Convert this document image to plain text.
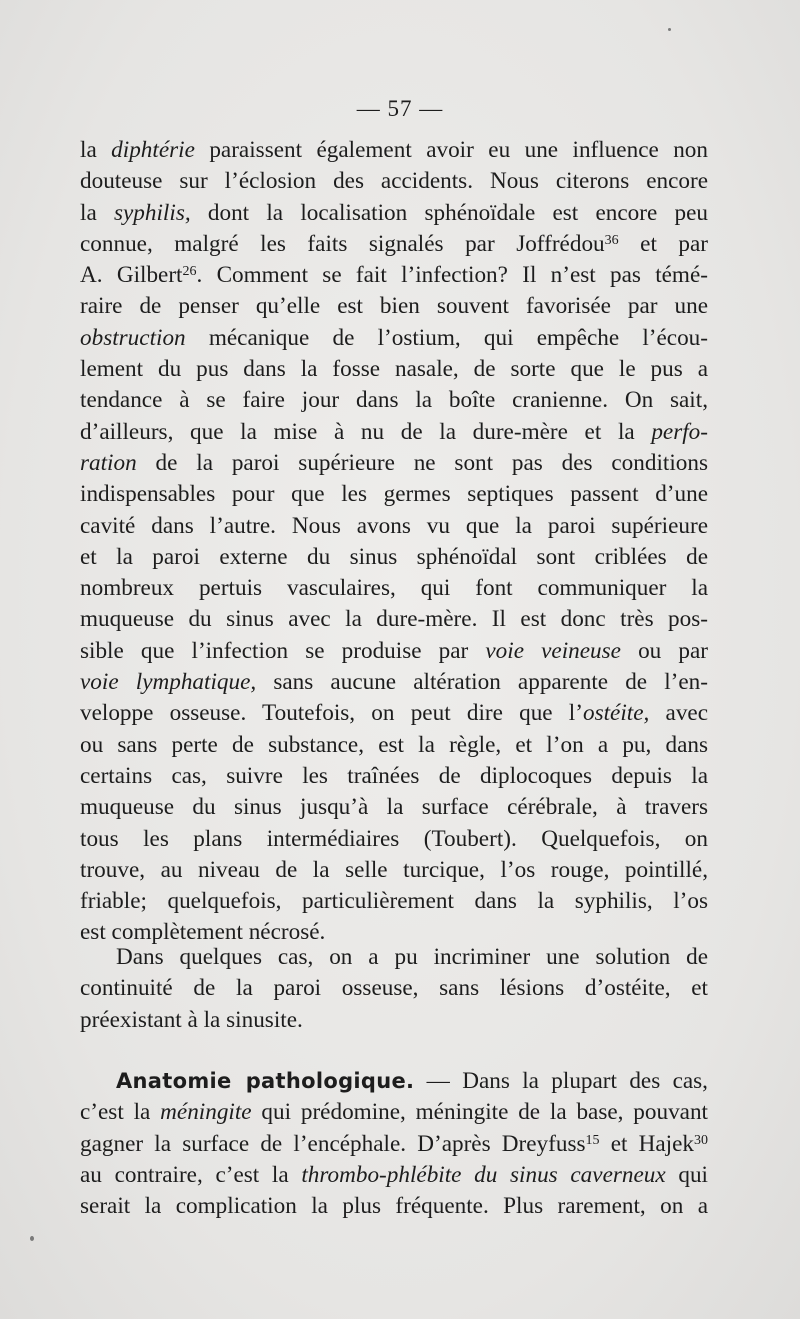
— 57 —
la diphtérie paraissent également avoir eu une influence non
douteuse sur l’éclosion des accidents. Nous citerons encore
la syphilis, dont la localisation sphénoïdale est encore peu
connue, malgré les faits signalés par Joffrédou$^{36}$ et par
A. Gilbert$^{26}$. Comment se fait l’infection? Il n’est pas témé-
raire de penser qu’elle est bien souvent favorisée par une
obstruction mécanique de l’ostium, qui empêche l’écou-
lement du pus dans la fosse nasale, de sorte que le pus a
tendance à se faire jour dans la boîte cranienne. On sait,
d’ailleurs, que la mise à nu de la dure-mère et la perfo-
ration de la paroi supérieure ne sont pas des conditions
indispensables pour que les germes septiques passent d’une
cavité dans l’autre. Nous avons vu que la paroi supérieure
et la paroi externe du sinus sphénoïdal sont criblées de
nombreux pertuis vasculaires, qui font communiquer la
muqueuse du sinus avec la dure-mère. Il est donc très pos-
sible que l’infection se produise par voie veineuse ou par
voie lymphatique, sans aucune altération apparente de l’en-
veloppe osseuse. Toutefois, on peut dire que l’ostéite, avec
ou sans perte de substance, est la règle, et l’on a pu, dans
certains cas, suivre les traînées de diplocoques depuis la
muqueuse du sinus jusqu’à la surface cérébrale, à travers
tous les plans intermédiaires (Toubert). Quelquefois, on
trouve, au niveau de la selle turcique, l’os rouge, pointillé,
friable; quelquefois, particulièrement dans la syphilis, l’os
est complètement nécrosé.
Dans quelques cas, on a pu incriminer une solution de
continuité de la paroi osseuse, sans lésions d’ostéite, et
préexistant à la sinusite.
Anatomie pathologique. — Dans la plupart des cas,
c’est la méningite qui prédomine, méningite de la base, pouvant
gagner la surface de l’encéphale. D’après Dreyfuss$^{15}$ et Hajek$^{30}$
au contraire, c’est la thrombo-phlébite du sinus caverneux qui
serait la complication la plus fréquente. Plus rarement, on a
